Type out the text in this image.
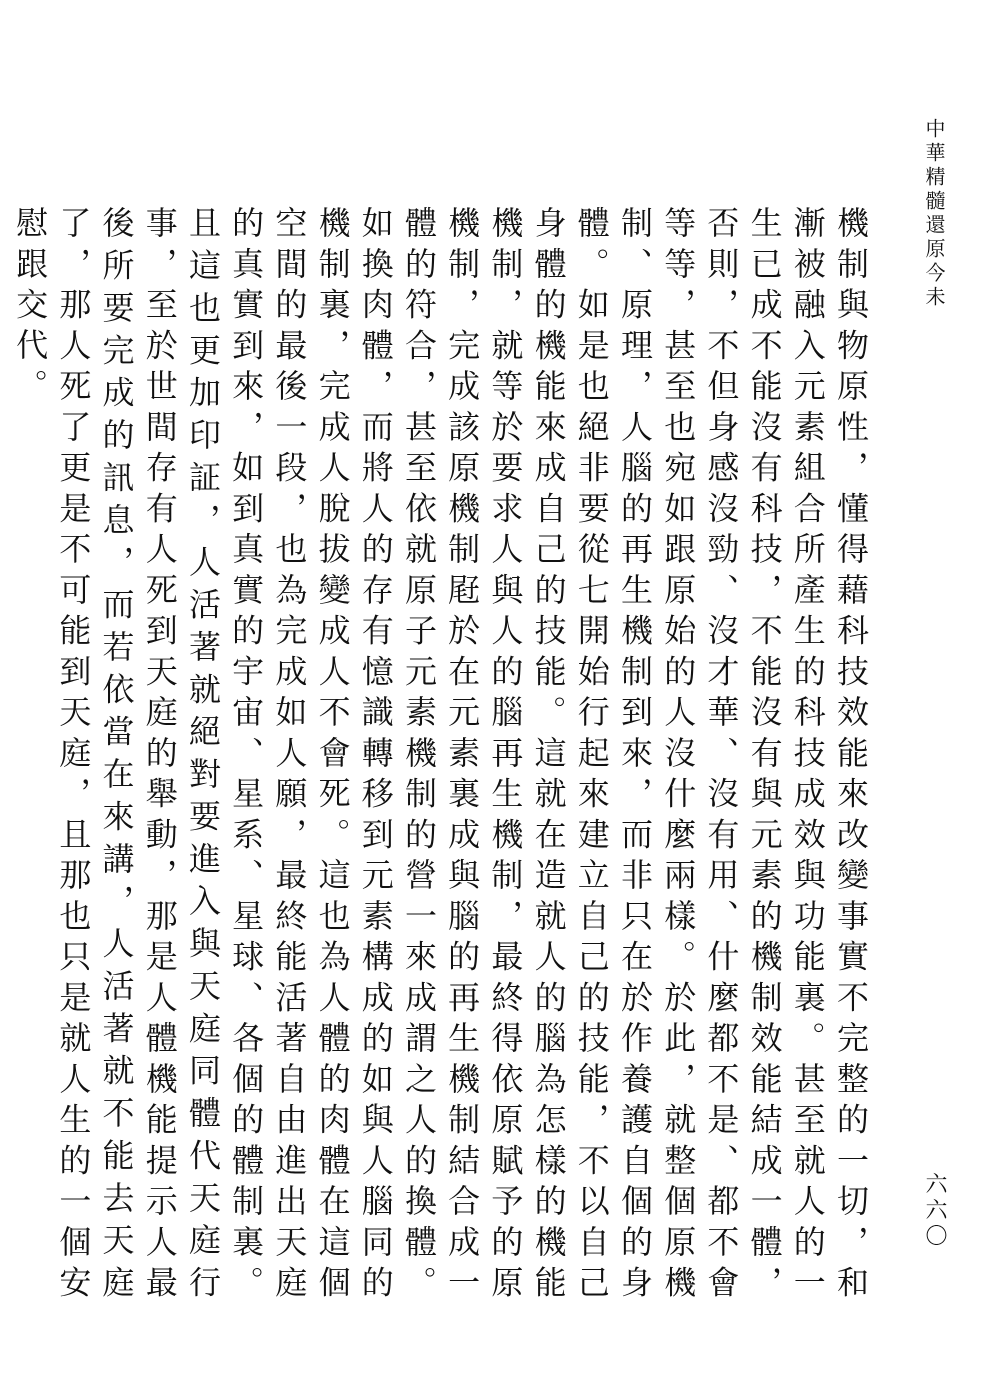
中華精髓還原今未
機制與物原性，懂得藉科技效能來改變事實不完整的一切，和漸被融入元素組合所產生的科技成效與功能裏。甚至就人的一生已成不能沒有科技，不能沒有與元素的機制效能結成一體，否則，不但身感沒勁、沒才華、沒有用、什麼都不是、都不會等等，甚至也宛如跟原始的人沒什麼兩樣。於此，就整個原機制、原理，人腦的再生機制到來，而非只在於作養護自個的身體。如是也絕非要從七開始行起來建立自己的技能，不以自己身體的機能來成自己的技能。這就在造就人的腦為怎樣的機能機制，就等於要求人與人的腦再生機制，最終得依原賦予的原機制，完成該原機制屘於在元素裏成與腦的再生機制結合成一體的符合，甚至依就原子元素機制的營一來成謂之人的換體。如換肉體，而將人的存有憶識轉移到元素構成的如與人腦同的機制裏，完成人脫拔變成人不會死。這也為人體的肉體在這個空間的最後一段，也為完成如人願，最終能活著自由進出天庭的真實到來，如到真實的宇宙、星系、星球、各個的體制裏。且這也更加印証，人活著就絕對要進入與天庭同體代天庭行事，至於世間存有人死到天庭的舉動，那是人體機能提示人最後所要完成的訊息，而若依當在來講，人活著就不能去天庭了，那人死了更是不可能到天庭，且那也只是就人生的一個安慰跟交代。
六六〇
